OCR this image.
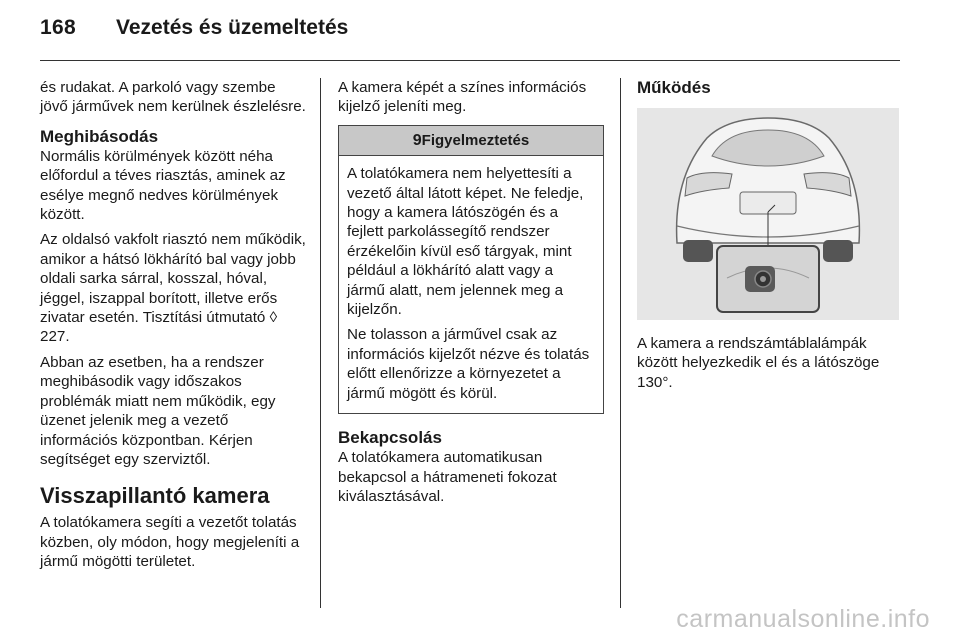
168 Vezetés és üzemeltetés

és rudakat. A parkoló vagy szembe jövő járművek nem kerülnek észlelésre.

Meghibásodás

Normális körülmények között néha előfordul a téves riasztás, aminek az esélye megnő nedves körülmények között.

Az oldalsó vakfolt riasztó nem működik, amikor a hátsó lökhárító bal vagy jobb oldali sarka sárral, kosszal, hóval, jéggel, iszappal borított, illetve erős zivatar esetén. Tisztítási útmutató ◊ 227.

Abban az esetben, ha a rendszer meghibásodik vagy időszakos problémák miatt nem működik, egy üzenet jelenik meg a vezető információs központban. Kérjen segítséget egy szerviztől.

Visszapillantó kamera

A tolatókamera segíti a vezetőt tolatás közben, oly módon, hogy megjeleníti a jármű mögötti területet.

A kamera képét a színes információs kijelző jeleníti meg.

9Figyelmeztetés

A tolatókamera nem helyettesíti a vezető által látott képet. Ne feledje, hogy a kamera látószögén és a fejlett parkolássegítő rendszer érzékelőin kívül eső tárgyak, mint például a lökhárító alatt vagy a jármű alatt, nem jelennek meg a kijelzőn.

Ne tolasson a járművel csak az információs kijelzőt nézve és tolatás előtt ellenőrizze a környezetet a jármű mögött és körül.

Bekapcsolás

A tolatókamera automatikusan bekapcsol a hátrameneti fokozat kiválasztásával.

Működés

A kamera a rendszámtáblalámpák között helyezkedik el és a látószöge 130°.

carmanualsonline.info
